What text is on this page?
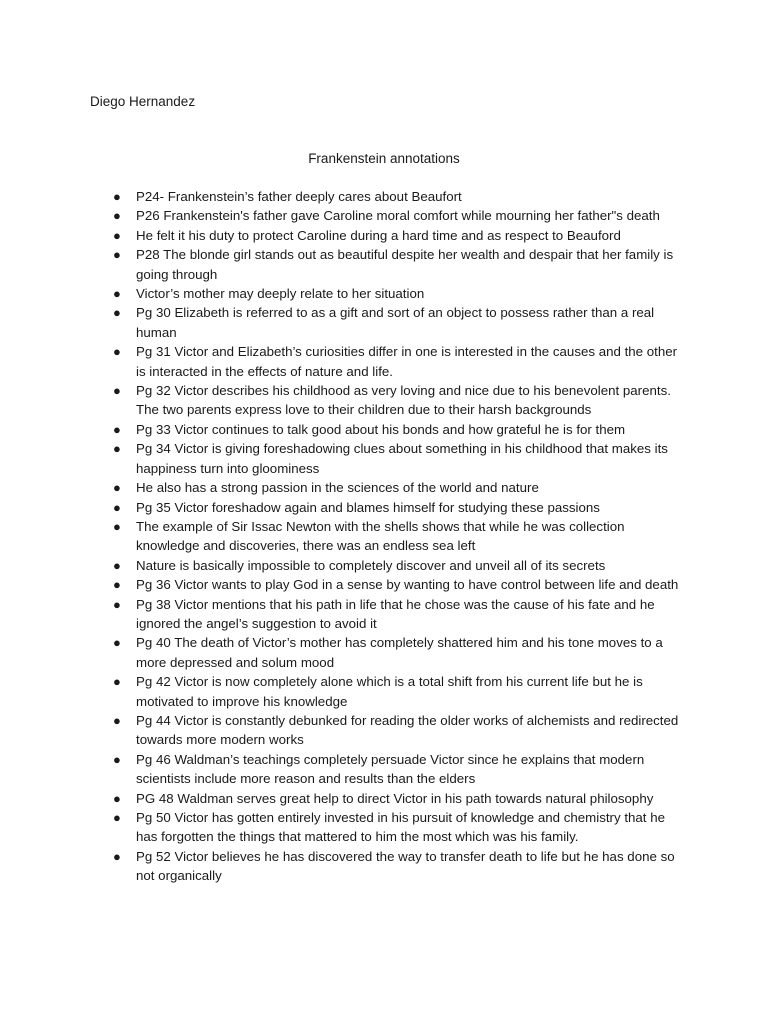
Diego Hernandez
Frankenstein annotations
● P24- Frankenstein’s father deeply cares about Beaufort
● P26 Frankenstein's father gave Caroline moral comfort while mourning her father"s death
● He felt it his duty to protect Caroline during a hard time and as respect to Beauford
● P28 The blonde girl stands out as beautiful despite her wealth and despair that her family is going through
● Victor’s mother may deeply relate to her situation
● Pg 30 Elizabeth is referred to as a gift and sort of an object to possess rather than a real human
● Pg 31 Victor and Elizabeth’s curiosities differ in one is interested in the causes and the other is interacted in the effects of nature and life.
● Pg 32 Victor describes his childhood as very loving and nice due to his benevolent parents. The two parents express love to their children due to their harsh backgrounds
● Pg 33 Victor continues to talk good about his bonds and how grateful he is for them
● Pg 34 Victor is giving foreshadowing clues about something in his childhood that makes its happiness turn into gloominess
● He also has a strong passion in the sciences of the world and nature
● Pg 35 Victor foreshadow again and blames himself for studying these passions
● The example of Sir Issac Newton with the shells shows that while he was collection knowledge and discoveries, there was an endless sea left
● Nature is basically impossible to completely discover and unveil all of its secrets
● Pg 36 Victor wants to play God in a sense by wanting to have control between life and death
● Pg 38 Victor mentions that his path in life that he chose was the cause of his fate and he ignored the angel’s suggestion to avoid it
● Pg 40 The death of Victor’s mother has completely shattered him and his tone moves to a more depressed and solum mood
● Pg 42 Victor is now completely alone which is a total shift from his current life but he is motivated to improve his knowledge
● Pg 44 Victor is constantly debunked for reading the older works of alchemists and redirected towards more modern works
● Pg 46 Waldman’s teachings completely persuade Victor since he explains that modern scientists include more reason and results than the elders
● PG 48 Waldman serves great help to direct Victor in his path towards natural philosophy
● Pg 50 Victor has gotten entirely invested in his pursuit of knowledge and chemistry that he has forgotten the things that mattered to him the most which was his family.
● Pg 52 Victor believes he has discovered the way to transfer death to life but he has done so not organically
